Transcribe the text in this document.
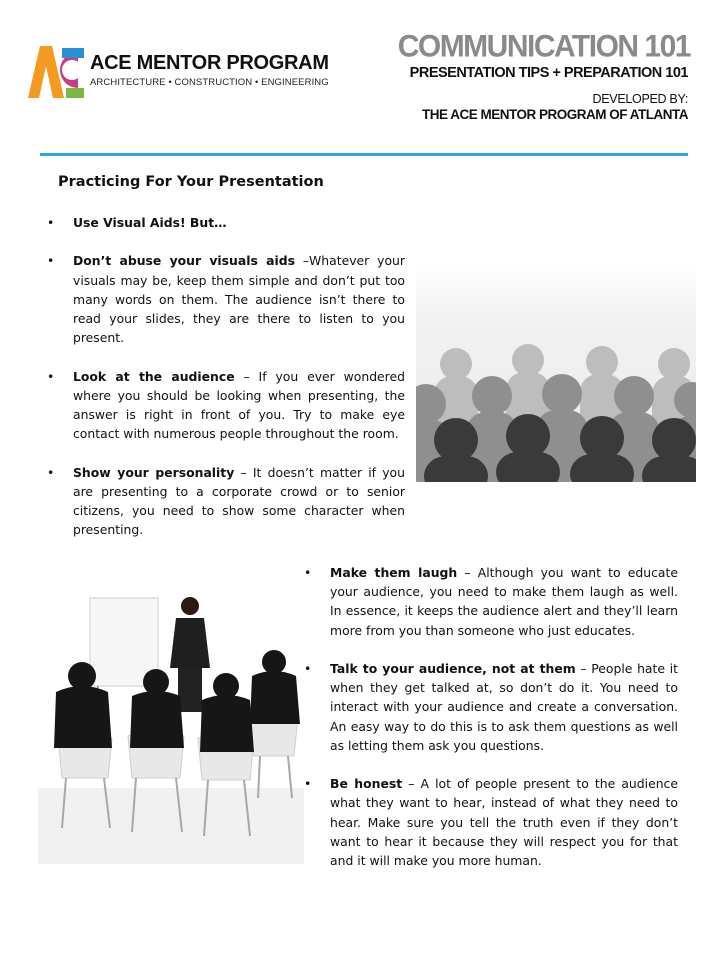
ACE MENTOR PROGRAM
ARCHITECTURE • CONSTRUCTION • ENGINEERING
COMMUNICATION 101
PRESENTATION TIPS + PREPARATION 101
DEVELOPED BY:
THE ACE MENTOR PROGRAM OF ATLANTA
Practicing For Your Presentation
• Use Visual Aids! But…
• Don’t abuse your visuals aids –Whatever your visuals may be, keep them simple and don’t put too many words on them. The audience isn’t there to read your slides, they are there to listen to you present.
• Look at the audience – If you ever wondered where you should be looking when presenting, the answer is right in front of you. Try to make eye contact with numerous people throughout the room.
• Show your personality – It doesn’t matter if you are presenting to a corporate crowd or to senior citizens, you need to show some character when presenting.
• Make them laugh – Although you want to educate your audience, you need to make them laugh as well. In essence, it keeps the audience alert and they’ll learn more from you than someone who just educates.
• Talk to your audience, not at them – People hate it when they get talked at, so don’t do it. You need to interact with your audience and create a conversation. An easy way to do this is to ask them questions as well as letting them ask you questions.
• Be honest – A lot of people present to the audience what they want to hear, instead of what they need to hear. Make sure you tell the truth even if they don’t want to hear it because they will respect you for that and it will make you more human.
